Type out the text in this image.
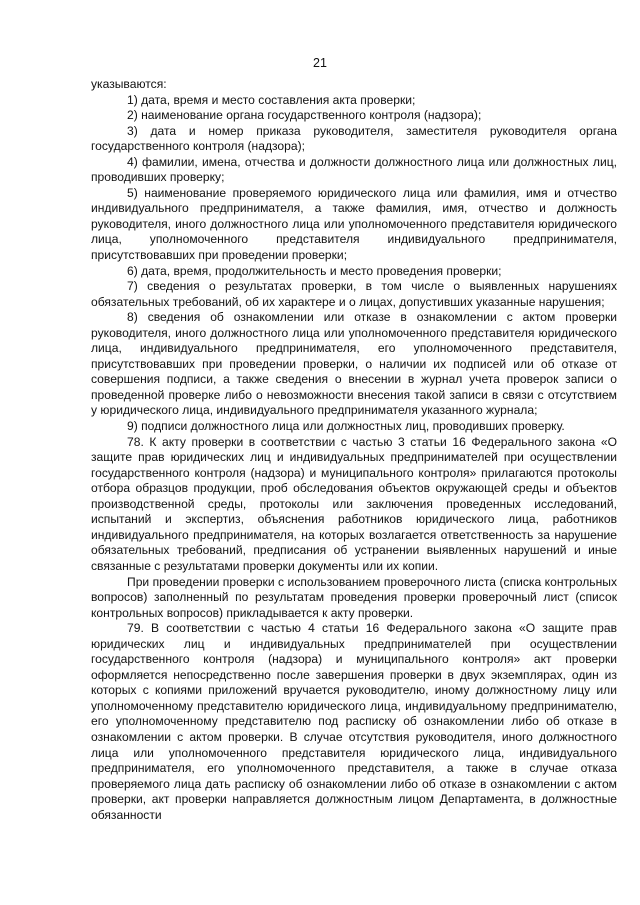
21

указываются:

1) дата, время и место составления акта проверки;

2) наименование органа государственного контроля (надзора);

3) дата и номер приказа руководителя, заместителя руководителя органа государственного контроля (надзора);

4) фамилии, имена, отчества и должности должностного лица или должностных лиц, проводивших проверку;

5) наименование проверяемого юридического лица или фамилия, имя и отчество индивидуального предпринимателя, а также фамилия, имя, отчество и должность руководителя, иного должностного лица или уполномоченного представителя юридического лица, уполномоченного представителя индивидуального предпринимателя, присутствовавших при проведении проверки;

6) дата, время, продолжительность и место проведения проверки;

7) сведения о результатах проверки, в том числе о выявленных нарушениях обязательных требований, об их характере и о лицах, допустивших указанные нарушения;

8) сведения об ознакомлении или отказе в ознакомлении с актом проверки руководителя, иного должностного лица или уполномоченного представителя юридического лица, индивидуального предпринимателя, его уполномоченного представителя, присутствовавших при проведении проверки, о наличии их подписей или об отказе от совершения подписи, а также сведения о внесении в журнал учета проверок записи о проведенной проверке либо о невозможности внесения такой записи в связи с отсутствием у юридического лица, индивидуального предпринимателя указанного журнала;

9) подписи должностного лица или должностных лиц, проводивших проверку.

78. К акту проверки в соответствии с частью 3 статьи 16 Федерального закона «О защите прав юридических лиц и индивидуальных предпринимателей при осуществлении государственного контроля (надзора) и муниципального контроля» прилагаются протоколы отбора образцов продукции, проб обследования объектов окружающей среды и объектов производственной среды, протоколы или заключения проведенных исследований, испытаний и экспертиз, объяснения работников юридического лица, работников индивидуального предпринимателя, на которых возлагается ответственность за нарушение обязательных требований, предписания об устранении выявленных нарушений и иные связанные с результатами проверки документы или их копии.

При проведении проверки с использованием проверочного листа (списка контрольных вопросов) заполненный по результатам проведения проверки проверочный лист (список контрольных вопросов) прикладывается к акту проверки.

79. В соответствии с частью 4 статьи 16 Федерального закона «О защите прав юридических лиц и индивидуальных предпринимателей при осуществлении государственного контроля (надзора) и муниципального контроля» акт проверки оформляется непосредственно после завершения проверки в двух экземплярах, один из которых с копиями приложений вручается руководителю, иному должностному лицу или уполномоченному представителю юридического лица, индивидуальному предпринимателю, его уполномоченному представителю под расписку об ознакомлении либо об отказе в ознакомлении с актом проверки. В случае отсутствия руководителя, иного должностного лица или уполномоченного представителя юридического лица, индивидуального предпринимателя, его уполномоченного представителя, а также в случае отказа проверяемого лица дать расписку об ознакомлении либо об отказе в ознакомлении с актом проверки, акт проверки направляется должностным лицом Департамента, в должностные обязанности
